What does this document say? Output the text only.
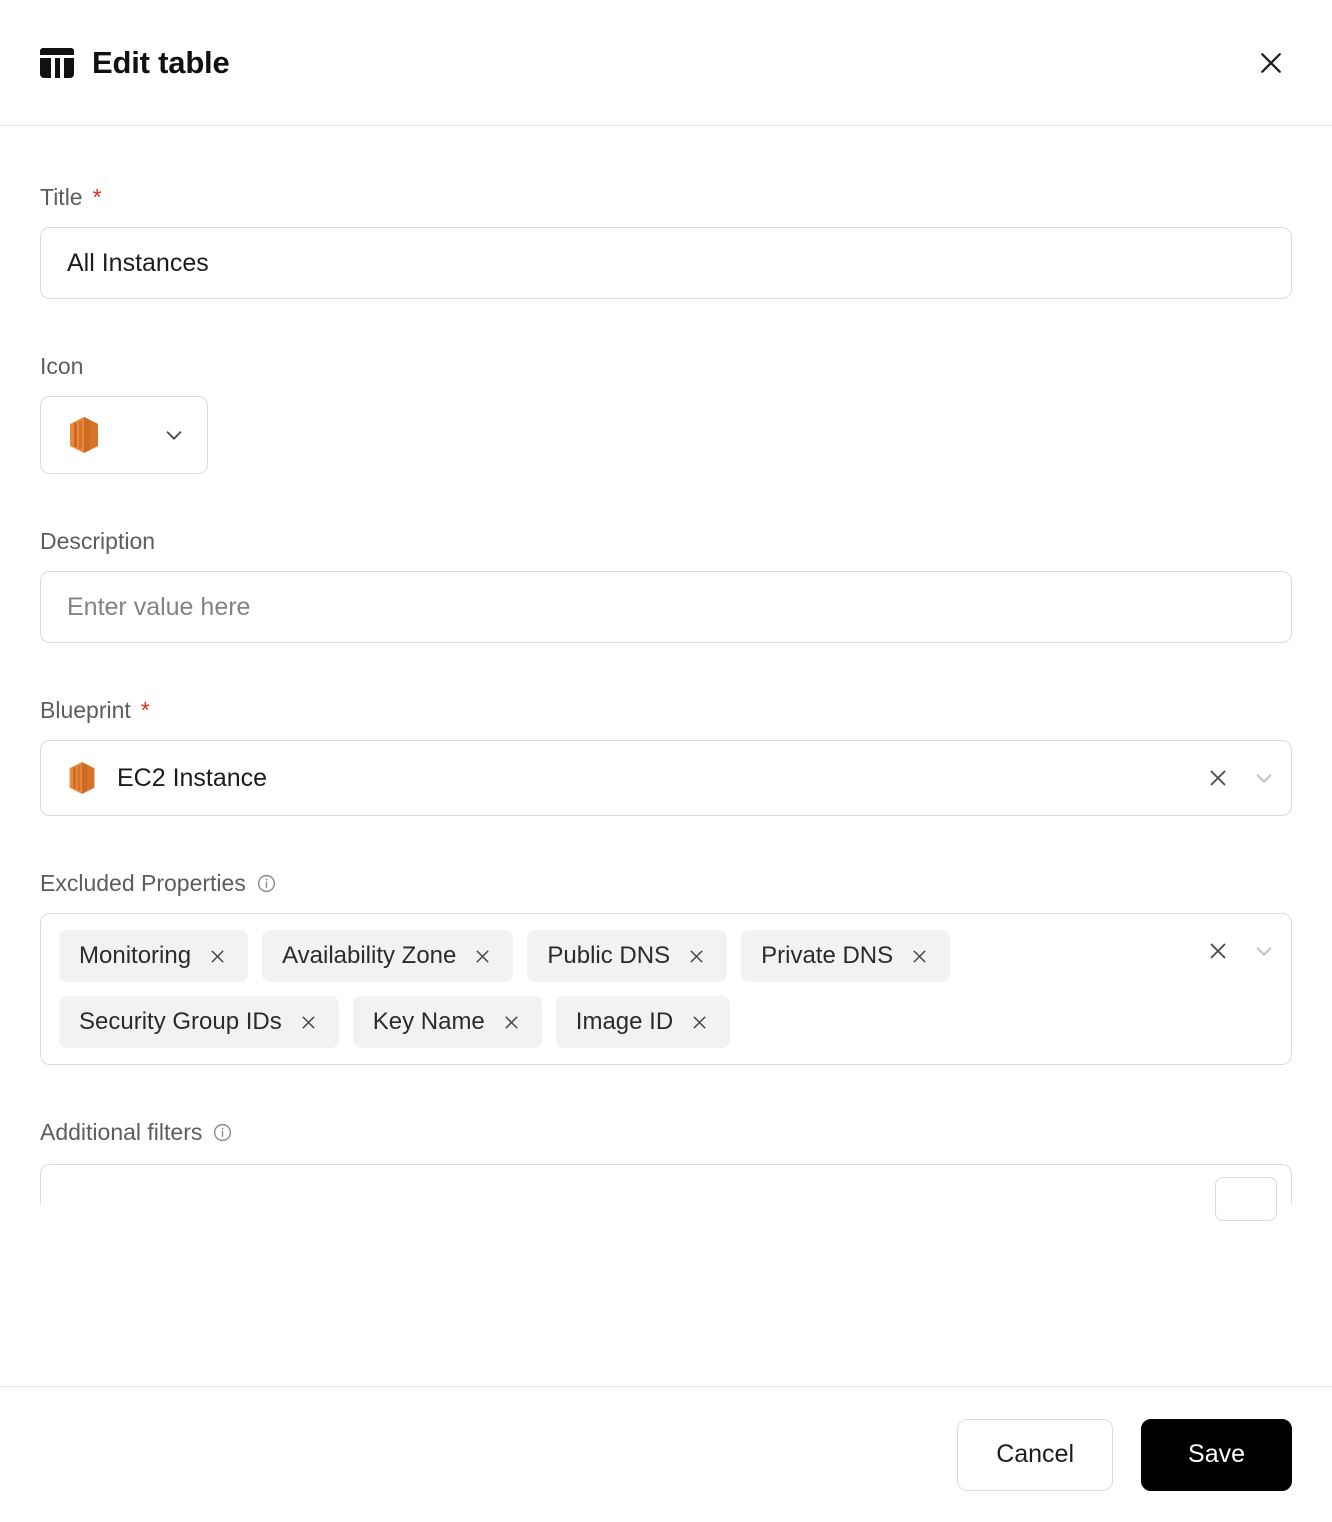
Edit table
Title *
All Instances
Icon
Description
Enter value here
Blueprint *
EC2 Instance
Excluded Properties
Monitoring	Availability Zone	Public DNS	Private DNS
Security Group IDs	Key Name	Image ID
Additional filters
Cancel	Save
